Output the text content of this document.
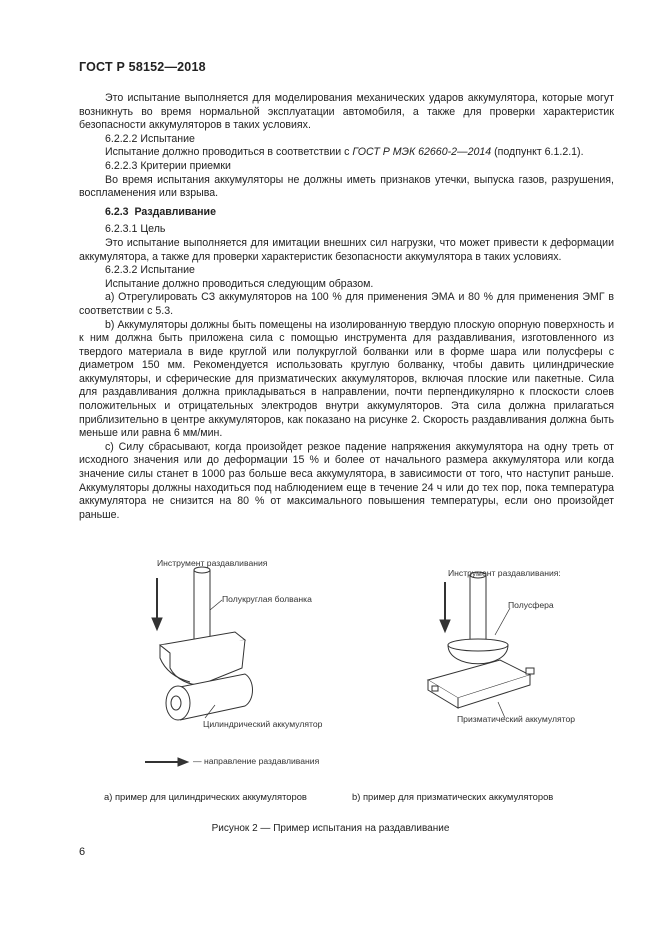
ГОСТ Р 58152—2018

Это испытание выполняется для моделирования механических ударов аккумулятора, которые могут возникнуть во время нормальной эксплуатации автомобиля, а также для проверки характеристик безопасности аккумуляторов в таких условиях.

6.2.2.2 Испытание

Испытание должно проводиться в соответствии с ГОСТ Р МЭК 62660-2—2014 (подпункт 6.1.2.1).

6.2.2.3 Критерии приемки

Во время испытания аккумуляторы не должны иметь признаков утечки, выпуска газов, разрушения, воспламенения или взрыва.

6.2.3 Раздавливание

6.2.3.1 Цель

Это испытание выполняется для имитации внешних сил нагрузки, что может привести к деформации аккумулятора, а также для проверки характеристик безопасности аккумулятора в таких условиях.

6.2.3.2 Испытание

Испытание должно проводиться следующим образом.

а) Отрегулировать СЗ аккумуляторов на 100 % для применения ЭМА и 80 % для применения ЭМГ в соответствии с 5.3.

b) Аккумуляторы должны быть помещены на изолированную твердую плоскую опорную поверхность и к ним должна быть приложена сила с помощью инструмента для раздавливания, изготовленного из твердого материала в виде круглой или полукруглой болванки или в форме шара или полусферы с диаметром 150 мм. Рекомендуется использовать круглую болванку, чтобы давить цилиндрические аккумуляторы, и сферические для призматических аккумуляторов, включая плоские или пакетные. Сила для раздавливания должна прикладываться в направлении, почти перпендикулярно к плоскости слоев положительных и отрицательных электродов внутри аккумуляторов. Эта сила должна прилагаться приблизительно в центре аккумуляторов, как показано на рисунке 2. Скорость раздавливания должна быть меньше или равна 6 мм/мин.

с) Силу сбрасывают, когда произойдет резкое падение напряжения аккумулятора на одну треть от исходного значения или до деформации 15 % и более от начального размера аккумулятора или когда значение силы станет в 1000 раз больше веса аккумулятора, в зависимости от того, что наступит раньше. Аккумуляторы должны находиться под наблюдением еще в течение 24 ч или до тех пор, пока температура аккумулятора не снизится на 80 % от максимального повышения температуры, если оно произойдет раньше.

Инструмент раздавливания
Полукруглая болванка
Цилиндрический аккумулятор
Инструмент раздавливания:
Полусфера
Призматический аккумулятор
— направление раздавливания
а) пример для цилиндрических аккумуляторов	b) пример для призматических аккумуляторов
Рисунок 2 — Пример испытания на раздавливание
6
